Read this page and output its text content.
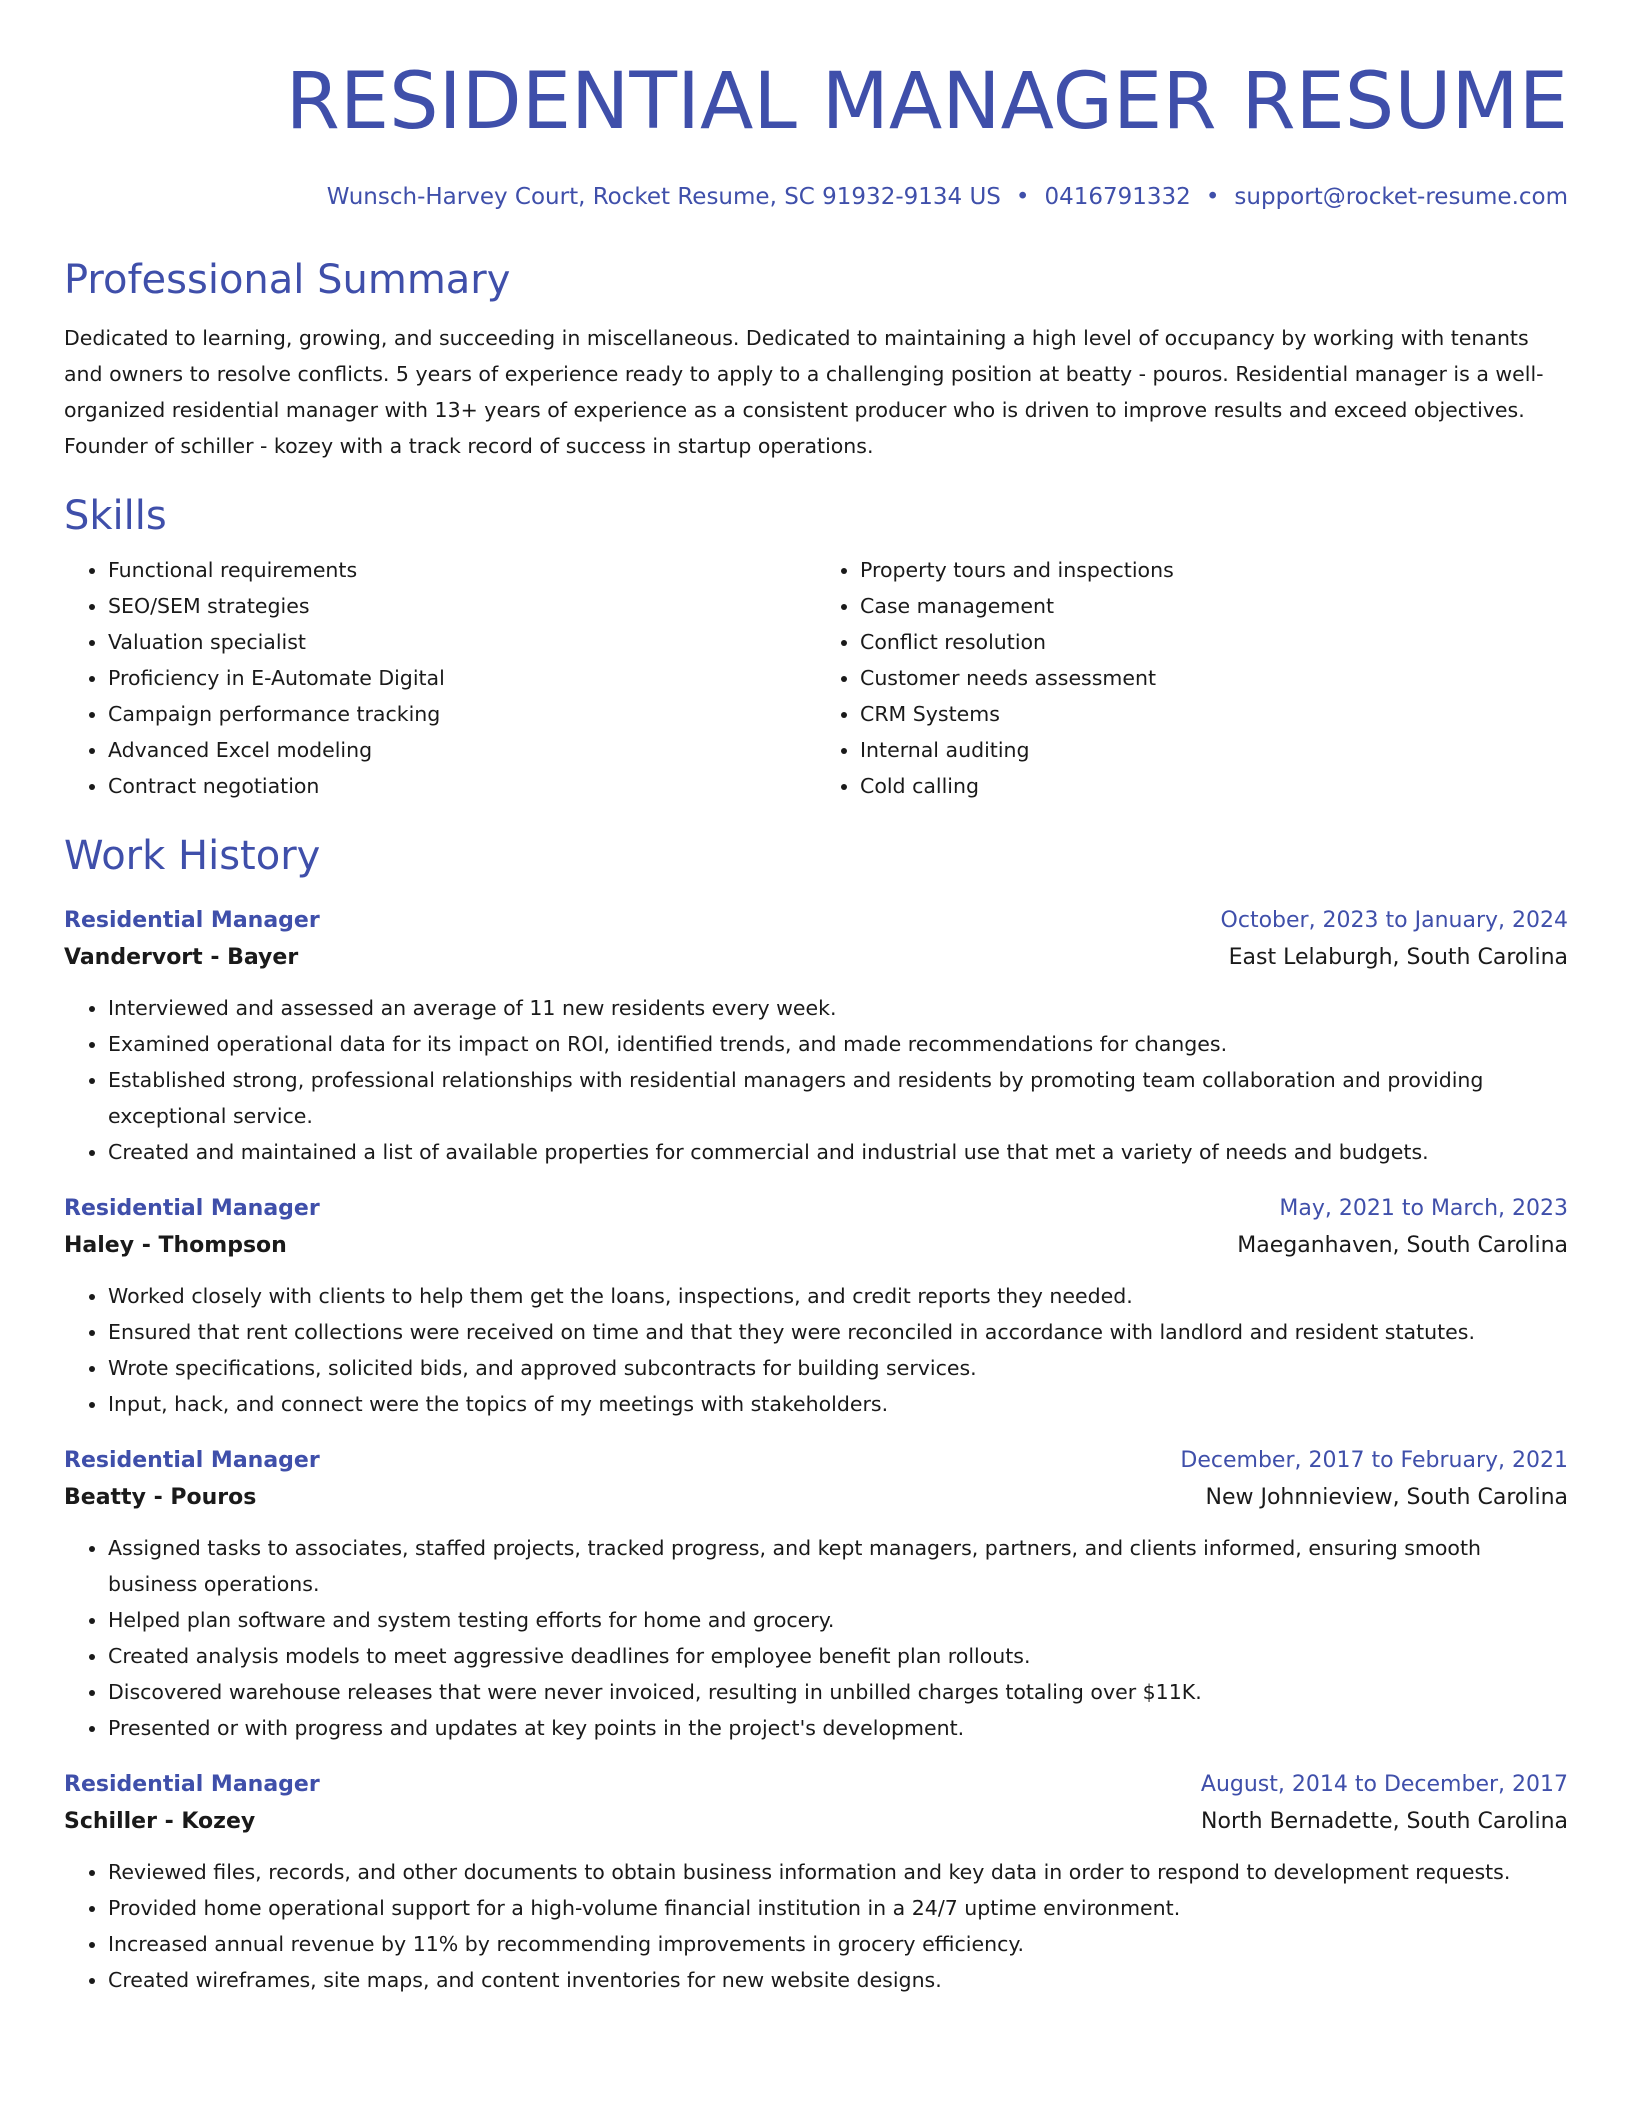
RESIDENTIAL MANAGER RESUME
Wunsch-Harvey Court, Rocket Resume, SC 91932-9134 US • 0416791332 • support@rocket-resume.com
Professional Summary
Dedicated to learning, growing, and succeeding in miscellaneous. Dedicated to maintaining a high level of occupancy by working with tenants and owners to resolve conflicts. 5 years of experience ready to apply to a challenging position at beatty - pouros. Residential manager is a well-organized residential manager with 13+ years of experience as a consistent producer who is driven to improve results and exceed objectives. Founder of schiller - kozey with a track record of success in startup operations.
Skills
• Functional requirements
• SEO/SEM strategies
• Valuation specialist
• Proficiency in E-Automate Digital
• Campaign performance tracking
• Advanced Excel modeling
• Contract negotiation
• Property tours and inspections
• Case management
• Conflict resolution
• Customer needs assessment
• CRM Systems
• Internal auditing
• Cold calling
Work History
Residential Manager	October, 2023 to January, 2024
Vandervort - Bayer	East Lelaburgh, South Carolina
• Interviewed and assessed an average of 11 new residents every week.
• Examined operational data for its impact on ROI, identified trends, and made recommendations for changes.
• Established strong, professional relationships with residential managers and residents by promoting team collaboration and providing exceptional service.
• Created and maintained a list of available properties for commercial and industrial use that met a variety of needs and budgets.
Residential Manager	May, 2021 to March, 2023
Haley - Thompson	Maeganhaven, South Carolina
• Worked closely with clients to help them get the loans, inspections, and credit reports they needed.
• Ensured that rent collections were received on time and that they were reconciled in accordance with landlord and resident statutes.
• Wrote specifications, solicited bids, and approved subcontracts for building services.
• Input, hack, and connect were the topics of my meetings with stakeholders.
Residential Manager	December, 2017 to February, 2021
Beatty - Pouros	New Johnnieview, South Carolina
• Assigned tasks to associates, staffed projects, tracked progress, and kept managers, partners, and clients informed, ensuring smooth business operations.
• Helped plan software and system testing efforts for home and grocery.
• Created analysis models to meet aggressive deadlines for employee benefit plan rollouts.
• Discovered warehouse releases that were never invoiced, resulting in unbilled charges totaling over $11K.
• Presented or with progress and updates at key points in the project's development.
Residential Manager	August, 2014 to December, 2017
Schiller - Kozey	North Bernadette, South Carolina
• Reviewed files, records, and other documents to obtain business information and key data in order to respond to development requests.
• Provided home operational support for a high-volume financial institution in a 24/7 uptime environment.
• Increased annual revenue by 11% by recommending improvements in grocery efficiency.
• Created wireframes, site maps, and content inventories for new website designs.
